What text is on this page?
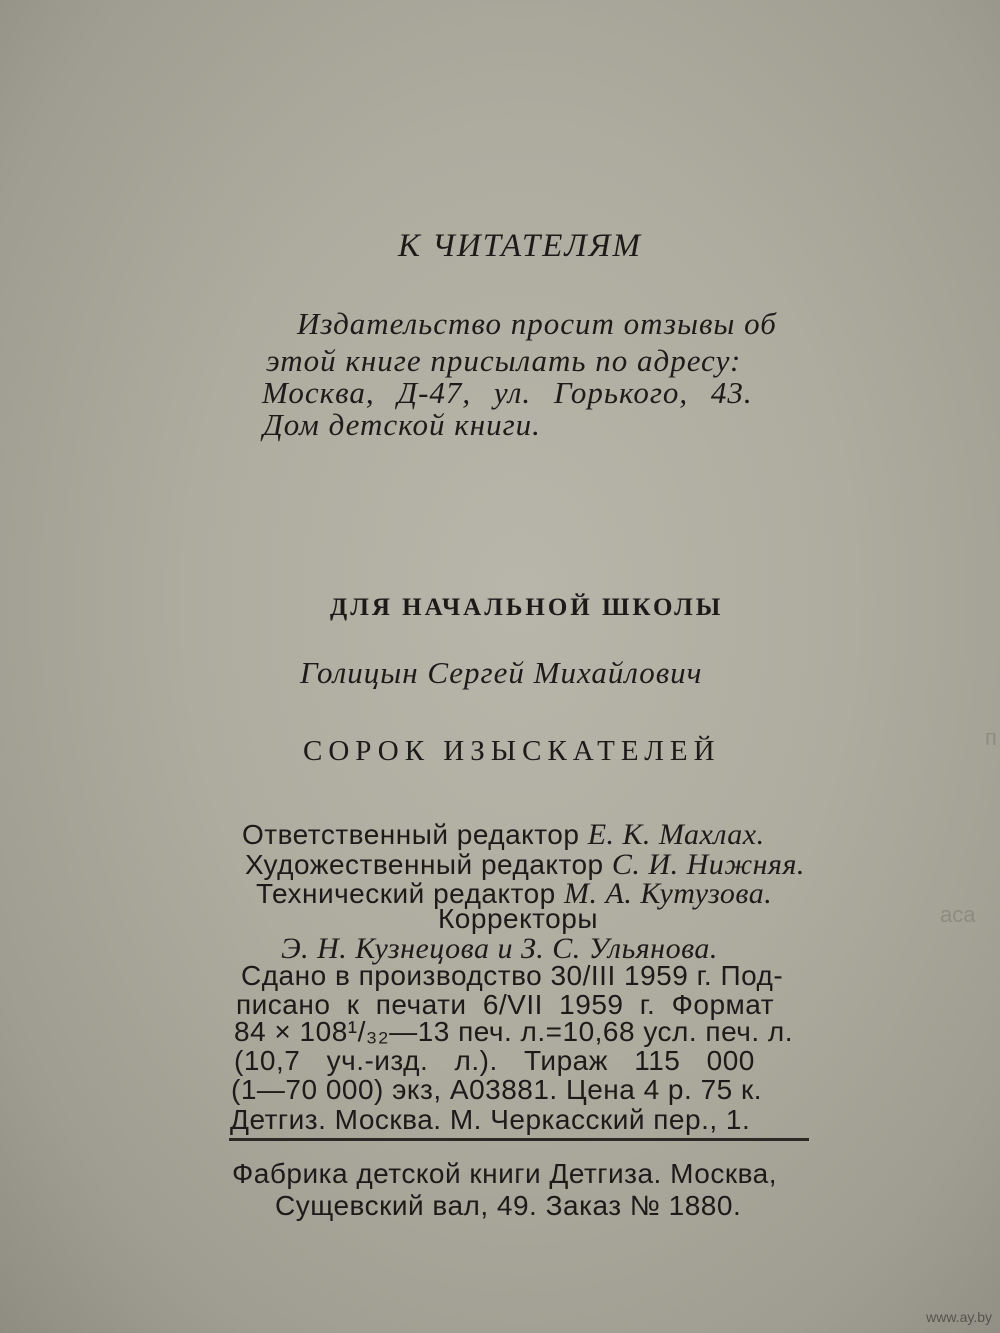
п
аса
К ЧИТАТЕЛЯМ
Издательство просит отзывы об
этой книге присылать по адресу:
Москва, Д-47, ул. Горького, 43.
Дом детской книги.
ДЛЯ НАЧАЛЬНОЙ ШКОЛЫ
Голицын Сергей Михайлович
СОРОК ИЗЫСКАТЕЛЕЙ
Ответственный редактор Е. К. Махлах.
Художественный редактор С. И. Нижняя.
Технический редактор М. А. Кутузова.
Корректоры
Э. Н. Кузнецова и З. С. Ульянова.
Сдано в производство 30/III 1959 г. Под-
писано к печати 6/VII 1959 г. Формат
84 × 108¹/₃₂—13 печ. л.=10,68 усл. печ. л.
(10,7 уч.-изд. л.). Тираж 115 000
(1—70 000) экз, А03881. Цена 4 р. 75 к.
Детгиз. Москва. М. Черкасский пер., 1.
Фабрика детской книги Детгиза. Москва,
Сущевский вал, 49. Заказ № 1880.
www.ay.by
